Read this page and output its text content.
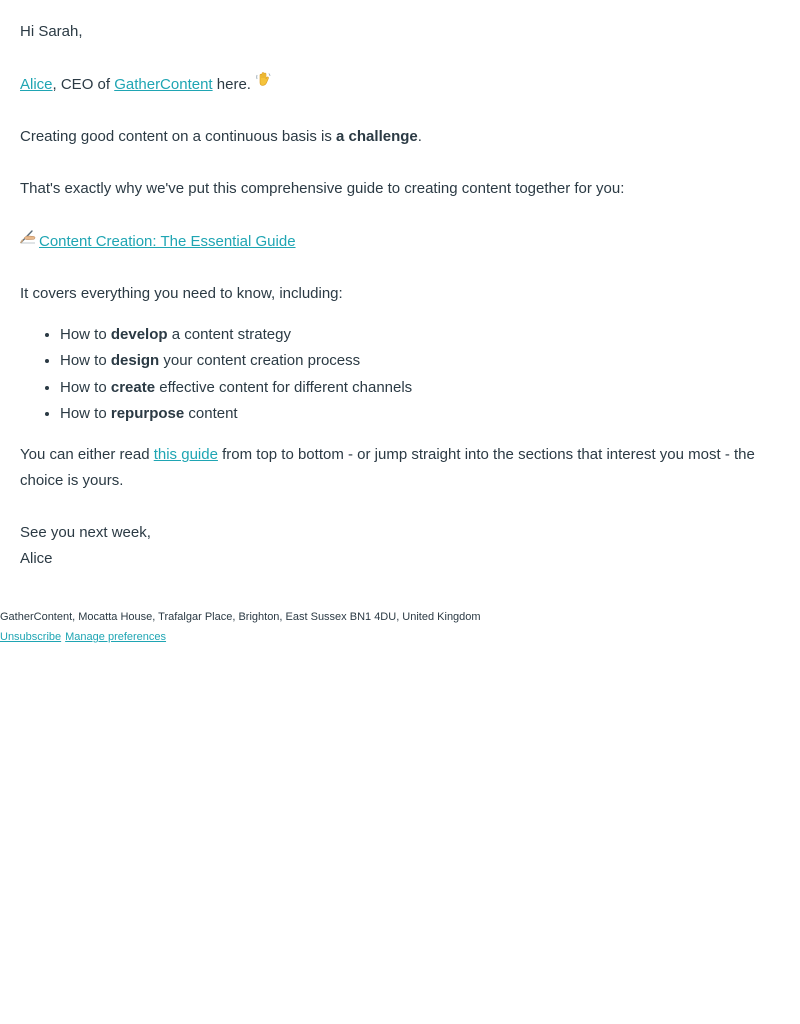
Hi Sarah,

Alice, CEO of GatherContent here.

Creating good content on a continuous basis is a challenge.

That's exactly why we've put this comprehensive guide to creating content together for you:

Content Creation: The Essential Guide

It covers everything you need to know, including:

• How to develop a content strategy
• How to design your content creation process
• How to create effective content for different channels
• How to repurpose content

You can either read this guide from top to bottom - or jump straight into the sections that interest you most - the choice is yours.

See you next week,

Alice

GatherContent, Mocatta House, Trafalgar Place, Brighton, East Sussex BN1 4DU, United Kingdom
Unsubscribe Manage preferences
